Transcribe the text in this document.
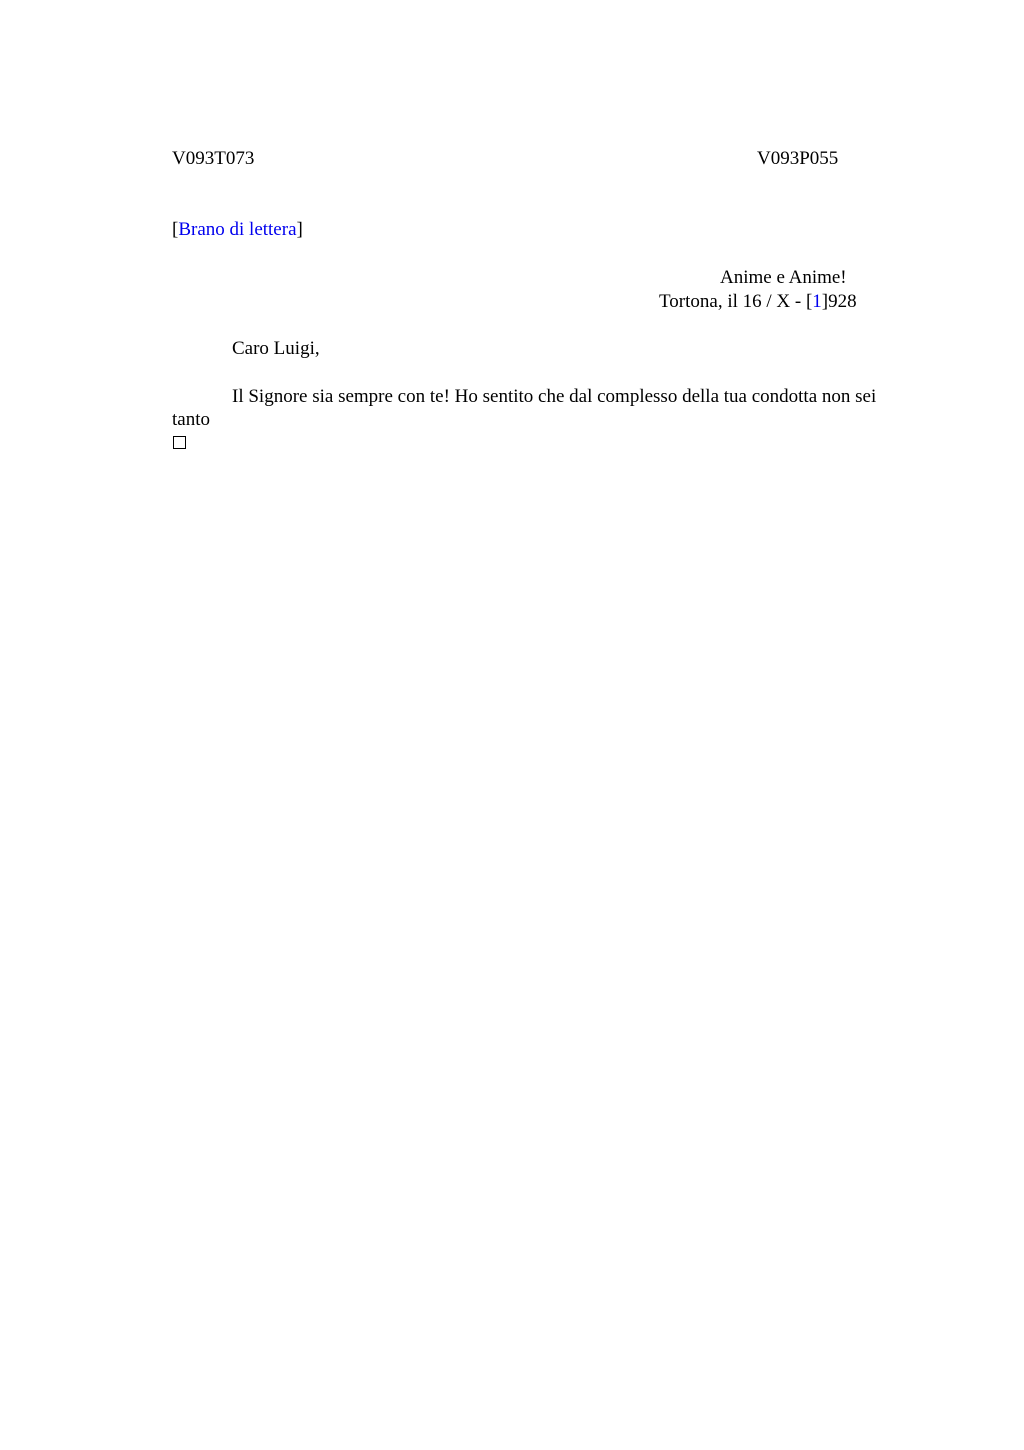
V093T073	V093P055
[Brano di lettera]
Anime e Anime!
Tortona, il 16 / X - [1]928
Caro Luigi,
Il Signore sia sempre con te! Ho sentito che dal complesso della tua condotta non sei tanto
